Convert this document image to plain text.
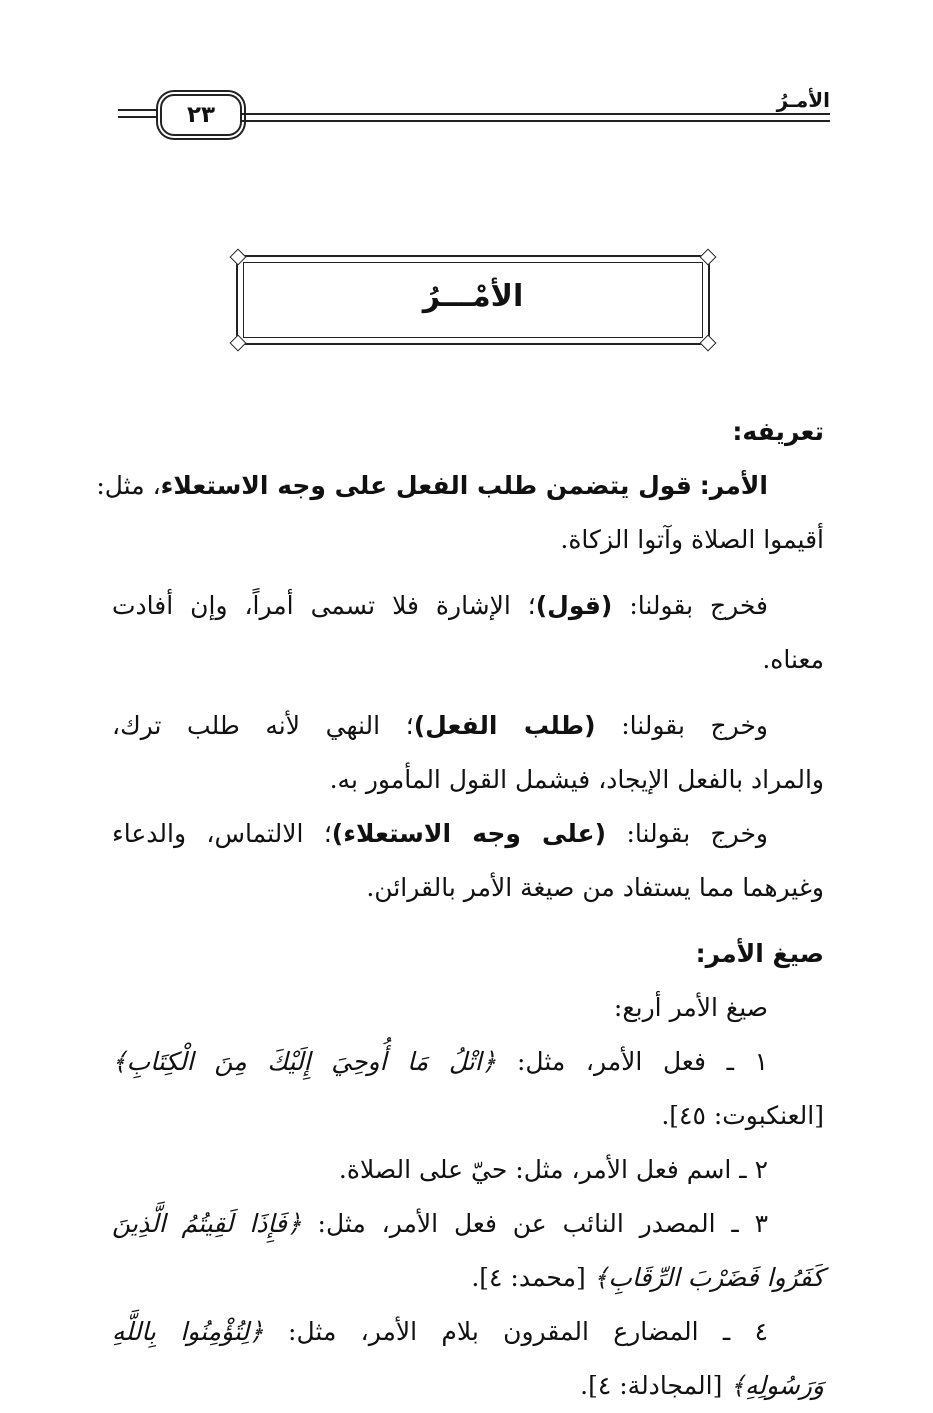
٢٣
الأمـرُ
الأمْـــرُ
تعريفه:
الأمر: قول يتضمن طلب الفعل على وجه الاستعلاء، مثل:
أقيموا الصلاة وآتوا الزكاة.
فخرج بقولنا: (قول)؛ الإشارة فلا تسمى أمراً، وإن أفادت
معناه.
وخرج بقولنا: (طلب الفعل)؛ النهي لأنه طلب ترك،
والمراد بالفعل الإيجاد، فيشمل القول المأمور به.
وخرج بقولنا: (على وجه الاستعلاء)؛ الالتماس، والدعاء
وغيرهما مما يستفاد من صيغة الأمر بالقرائن.
صيغ الأمر:
صيغ الأمر أربع:
١ ـ فعل الأمر، مثل: ﴿اتْلُ مَا أُوحِيَ إِلَيْكَ مِنَ الْكِتَابِ﴾
[العنكبوت: ٤٥].
٢ ـ اسم فعل الأمر، مثل: حيّ على الصلاة.
٣ ـ المصدر النائب عن فعل الأمر، مثل: ﴿فَإِذَا لَقِيتُمُ الَّذِينَ
كَفَرُوا فَضَرْبَ الرِّقَابِ﴾ [محمد: ٤].
٤ ـ المضارع المقرون بلام الأمر، مثل: ﴿لِتُؤْمِنُوا بِاللَّهِ
وَرَسُولِهِ﴾ [المجادلة: ٤].
